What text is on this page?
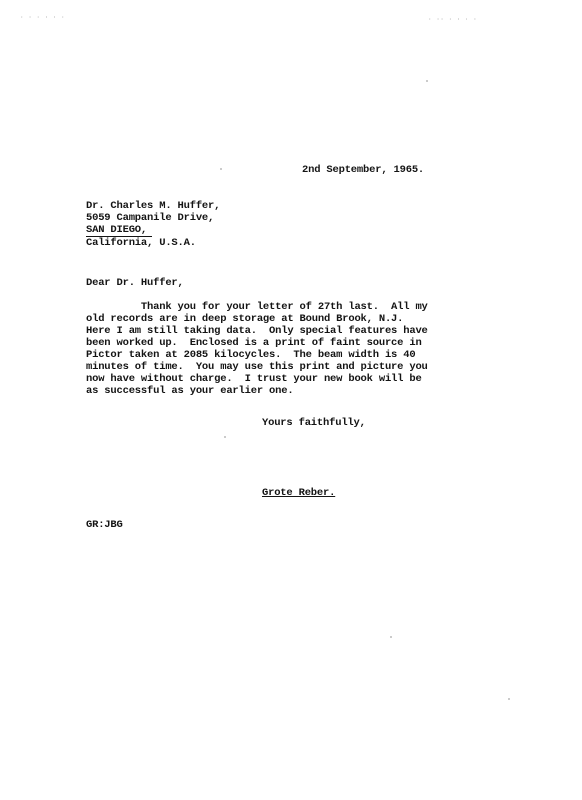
· · · · · ·	· ·· · · · ·
2nd September, 1965.
Dr. Charles M. Huffer,
5059 Campanile Drive,
SAN DIEGO,
California, U.S.A.
Dear Dr. Huffer,
Thank you for your letter of 27th last.  All my
old records are in deep storage at Bound Brook, N.J.
Here I am still taking data.  Only special features have
been worked up.  Enclosed is a print of faint source in
Pictor taken at 2085 kilocycles.  The beam width is 40
minutes of time.  You may use this print and picture you
now have without charge.  I trust your new book will be
as successful as your earlier one.
Yours faithfully,
Grote Reber.
GR:JBG
